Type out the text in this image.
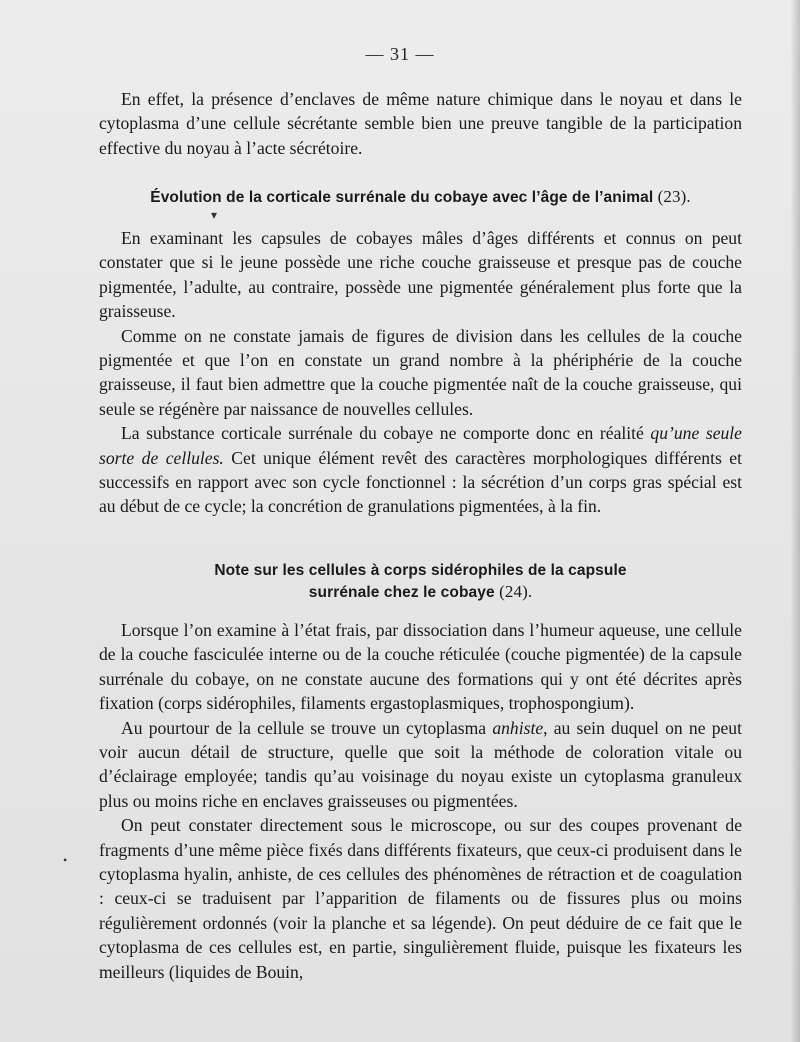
— 31 —

En effet, la présence d’enclaves de même nature chimique dans le noyau et dans le cytoplasma d’une cellule sécrétante semble bien une preuve tangible de la participation effective du noyau à l’acte sécrétoire.

Évolution de la corticale surrénale du cobaye avec l’âge de l’animal (23).
▾

En examinant les capsules de cobayes mâles d’âges différents et connus on peut constater que si le jeune possède une riche couche graisseuse et presque pas de couche pigmentée, l’adulte, au contraire, possède une pigmentée généralement plus forte que la graisseuse.

Comme on ne constate jamais de figures de division dans les cellules de la couche pigmentée et que l’on en constate un grand nombre à la phériphérie de la couche graisseuse, il faut bien admettre que la couche pigmentée naît de la couche graisseuse, qui seule se régénère par naissance de nouvelles cellules.

La substance corticale surrénale du cobaye ne comporte donc en réalité qu’une seule sorte de cellules. Cet unique élément revêt des caractères morphologiques différents et successifs en rapport avec son cycle fonctionnel : la sécrétion d’un corps gras spécial est au début de ce cycle; la concrétion de granulations pigmentées, à la fin.

Note sur les cellules à corps sidérophiles de la capsule
surrénale chez le cobaye (24).

Lorsque l’on examine à l’état frais, par dissociation dans l’humeur aqueuse, une cellule de la couche fasciculée interne ou de la couche réticulée (couche pigmentée) de la capsule surrénale du cobaye, on ne constate aucune des formations qui y ont été décrites après fixation (corps sidérophiles, filaments ergastoplasmiques, trophospongium).

Au pourtour de la cellule se trouve un cytoplasma anhiste, au sein duquel on ne peut voir aucun détail de structure, quelle que soit la méthode de coloration vitale ou d’éclairage employée; tandis qu’au voisinage du noyau existe un cytoplasma granuleux plus ou moins riche en enclaves graisseuses ou pigmentées.

On peut constater directement sous le microscope, ou sur des coupes provenant de fragments d’une même pièce fixés dans différents fixateurs, que ceux-ci produisent dans le cytoplasma hyalin, anhiste, de ces cellules des phénomènes de rétraction et de coagulation : ceux-ci se traduisent par l’apparition de filaments ou de fissures plus ou moins régulièrement ordonnés (voir la planche et sa légende). On peut déduire de ce fait que le cytoplasma de ces cellules est, en partie, singulièrement fluide, puisque les fixateurs les meilleurs (liquides de Bouin,

•
